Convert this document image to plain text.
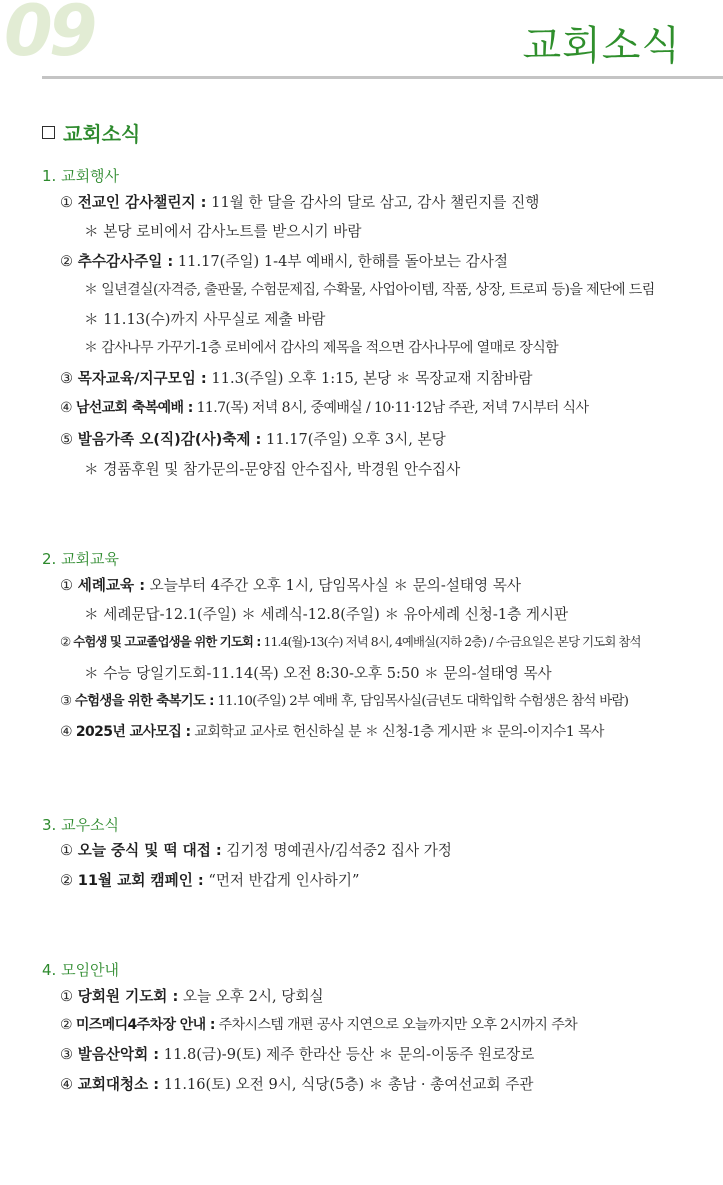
09	교회소식
교회소식
1. 교회행사
① 전교인 감사챌린지 : 11월 한 달을 감사의 달로 삼고, 감사 챌린지를 진행
＊ 본당 로비에서 감사노트를 받으시기 바람
② 추수감사주일 : 11.17(주일) 1-4부 예배시, 한해를 돌아보는 감사절
＊ 일년결실(자격증, 출판물, 수험문제집, 수확물, 사업아이템, 작품, 상장, 트로피 등)을 제단에 드림
＊ 11.13(수)까지 사무실로 제출 바람
＊ 감사나무 가꾸기-1층 로비에서 감사의 제목을 적으면 감사나무에 열매로 장식함
③ 목자교육/지구모임 : 11.3(주일) 오후 1:15, 본당 ＊ 목장교재 지참바람
④ 남선교회 축복예배 : 11.7(목) 저녁 8시, 중예배실 / 10·11·12남 주관, 저녁 7시부터 식사
⑤ 발음가족 오(직)감(사)축제 : 11.17(주일) 오후 3시, 본당
＊ 경품후원 및 참가문의-문양집 안수집사, 박경원 안수집사
2. 교회교육
① 세례교육 : 오늘부터 4주간 오후 1시, 담임목사실 ＊ 문의-설태영 목사
＊ 세례문답-12.1(주일) ＊ 세례식-12.8(주일) ＊ 유아세례 신청-1층 게시판
② 수험생 및 고교졸업생을 위한 기도회 : 11.4(월)-13(수) 저녁 8시, 4예배실(지하 2층) / 수·금요일은 본당 기도회 참석
＊ 수능 당일기도회-11.14(목) 오전 8:30-오후 5:50 ＊ 문의-설태영 목사
③ 수험생을 위한 축복기도 : 11.10(주일) 2부 예배 후, 담임목사실(금년도 대학입학 수험생은 참석 바람)
④ 2025년 교사모집 : 교회학교 교사로 헌신하실 분 ＊ 신청-1층 게시판 ＊ 문의-이지수1 목사
3. 교우소식
① 오늘 중식 및 떡 대접 : 김기정 명예권사/김석중2 집사 가정
② 11월 교회 캠페인 : “먼저 반갑게 인사하기”
4. 모임안내
① 당회원 기도회 : 오늘 오후 2시, 당회실
② 미즈메디4주차장 안내 : 주차시스템 개편 공사 지연으로 오늘까지만 오후 2시까지 주차
③ 발음산악회 : 11.8(금)-9(토) 제주 한라산 등산 ＊ 문의-이동주 원로장로
④ 교회대청소 : 11.16(토) 오전 9시, 식당(5층) ＊ 총남 · 총여선교회 주관
